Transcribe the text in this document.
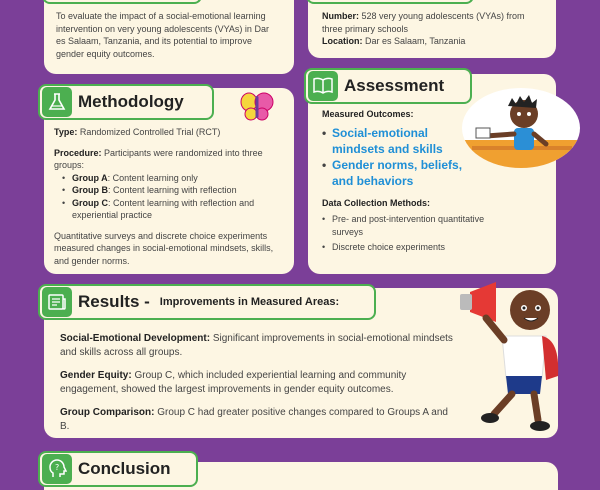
To evaluate the impact of a social-emotional learning intervention on very young adolescents (VYAs) in Dar es Salaam, Tanzania, and its potential to improve gender equity outcomes.

Number: 528 very young adolescents (VYAs) from three primary schools
Location: Dar es Salaam, Tanzania
Type: Randomized Controlled Trial (RCT)
Procedure: Participants were randomized into three groups:
• Group A: Content learning only
• Group B: Content learning with reflection
• Group C: Content learning with reflection and experiential practice
Quantitative surveys and discrete choice experiments measured changes in social-emotional mindsets, skills, and gender norms.
Methodology
Measured Outcomes:
• Social-emotional mindsets and skills
• Gender norms, beliefs, and behaviors
Data Collection Methods:
• Pre- and post-intervention quantitative surveys
• Discrete choice experiments
Assessment
Social-Emotional Development: Significant improvements in social-emotional mindsets and skills across all groups.
Gender Equity: Group C, which included experiential learning and community engagement, showed the largest improvements in gender equity outcomes.
Group Comparison: Group C had greater positive changes compared to Groups A and B.
Results - Improvements in Measured Areas:
? Conclusion
